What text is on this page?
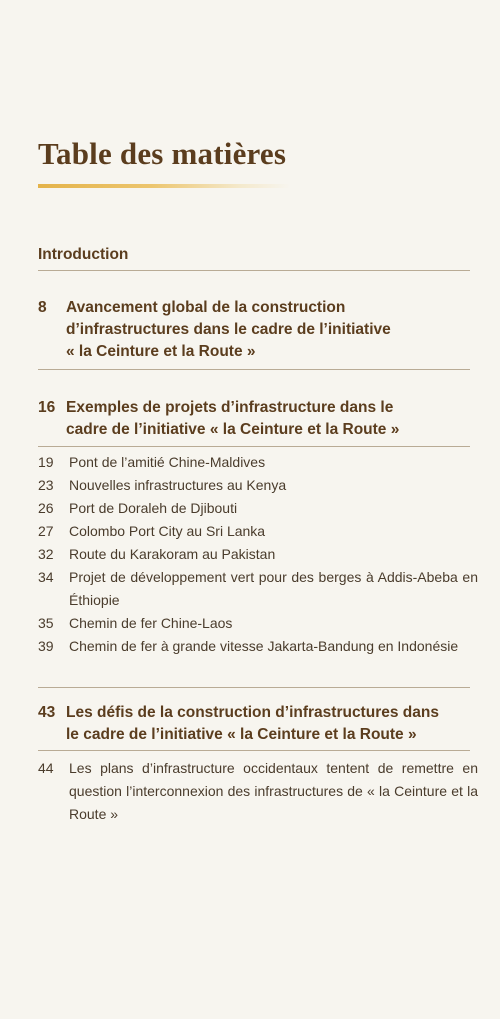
Table des matières
Introduction
8 Avancement global de la construction
d’infrastructures dans le cadre de l’initiative
« la Ceinture et la Route »
16 Exemples de projets d’infrastructure dans le
cadre de l’initiative « la Ceinture et la Route »
19	Pont de l’amitié Chine-Maldives
23	Nouvelles infrastructures au Kenya
26	Port de Doraleh de Djibouti
27	Colombo Port City au Sri Lanka
32	Route du Karakoram au Pakistan
34	Projet de développement vert pour des berges à Addis-Abeba en Éthiopie
35	Chemin de fer Chine-Laos
39	Chemin de fer à grande vitesse Jakarta-Bandung en Indonésie
43 Les défis de la construction d’infrastructures dans
le cadre de l’initiative « la Ceinture et la Route »
44	Les plans d’infrastructure occidentaux tentent de remettre en question l’interconnexion des infrastructures de « la Ceinture et la Route »
